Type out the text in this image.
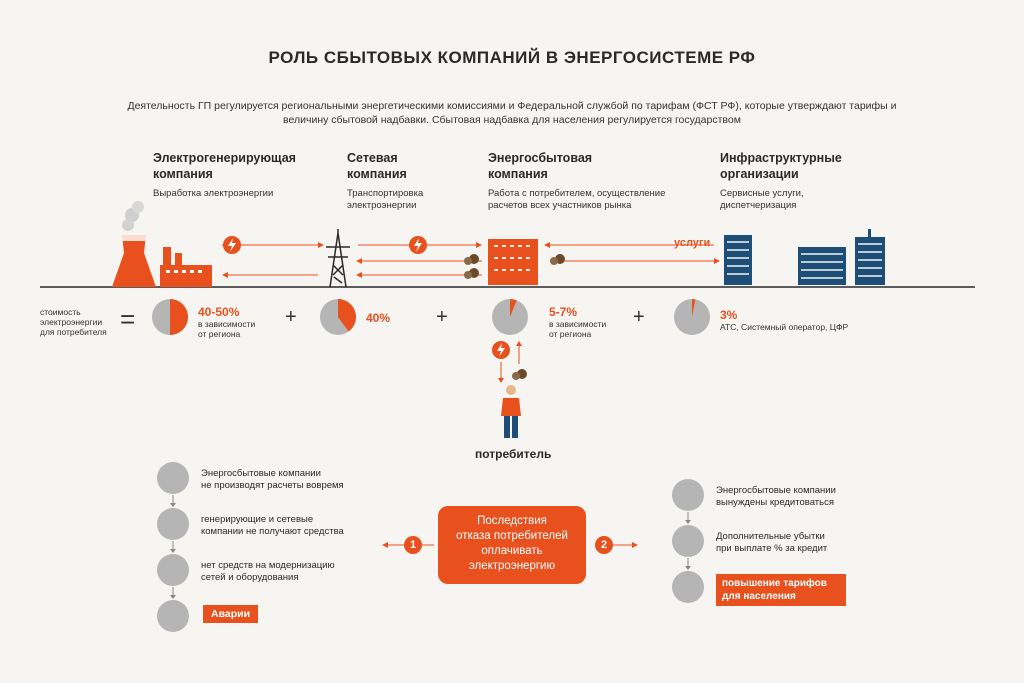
РОЛЬ СБЫТОВЫХ КОМПАНИЙ В ЭНЕРГОСИСТЕМЕ РФ
Деятельность ГП регулируется региональными энергетическими комиссиями и Федеральной службой по тарифам (ФСТ РФ), которые утверждают тарифы и величину сбытовой надбавки. Сбытовая надбавка для населения регулируется государством
Электрогенерирующая
компания
Выработка электроэнергии
Сетевая
компания
Транспортировка
электроэнергии
Энергосбытовая
компания
Работа с потребителем, осуществление
расчетов всех участников рынка
Инфраструктурные
организации
Сервисные услуги,
диспетчеризация
услуги
стоимость
электроэнергии
для потребителя =	40-50%
в зависимости
от региона
+	40% +	5-7%
в зависимости
от региона
+	3%
АТС, Системный оператор, ЦФР
потребитель
Последствия
отказа потребителей
оплачивать
электроэнергию
1	2
Энергосбытовые компании
не производят расчеты вовремя
генерирующие и сетевые
компании не получают средства
нет средств на модернизацию
сетей и оборудования
Аварии
Энергосбытовые компании
вынуждены кредитоваться
Дополнительные убытки
при выплате % за кредит
повышение тарифов
для населения
